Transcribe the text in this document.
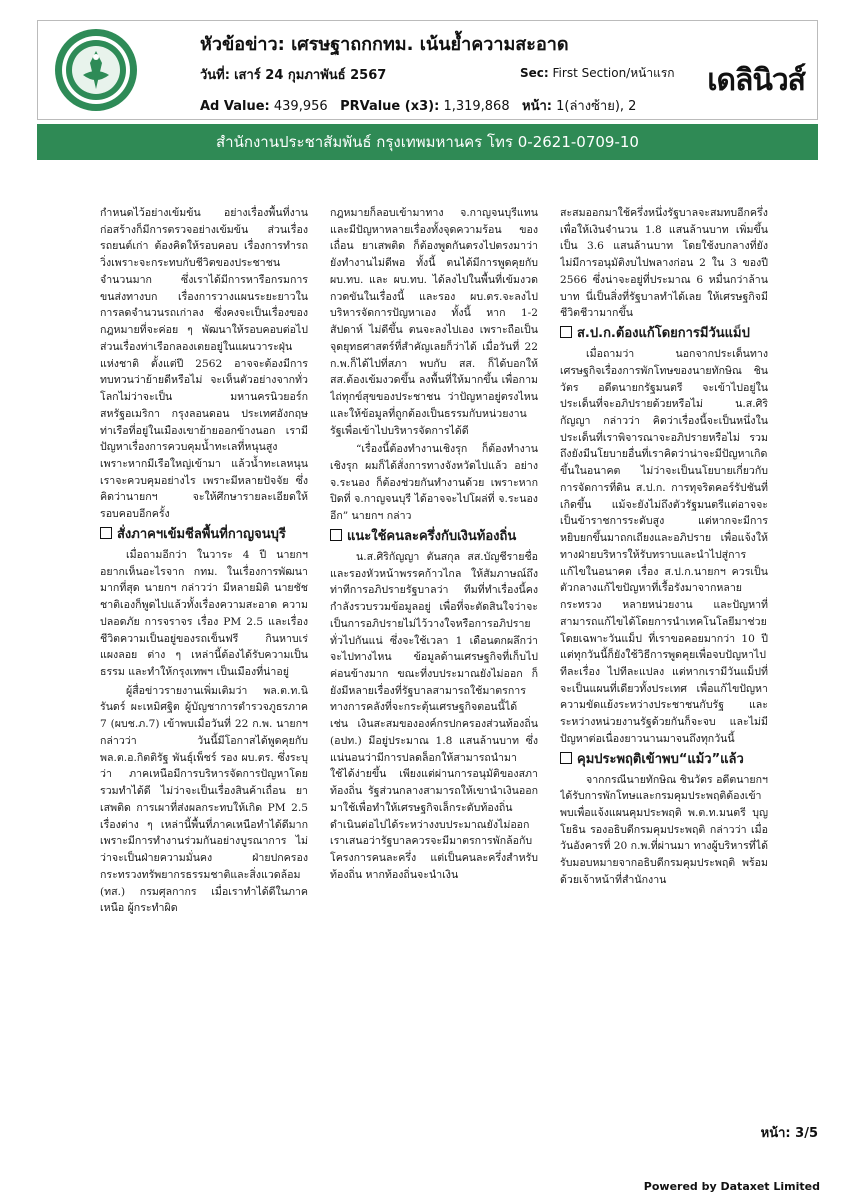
หัวข้อข่าว: เศรษฐาถกกทม. เน้นย้ำความสะอาด
วันที่: เสาร์ 24 กุมภาพันธ์ 2567	Sec: First Section/หน้าแรก
Ad Value: 439,956 PRValue (x3): 1,319,868 หน้า: 1(ล่างซ้าย), 2
เดลินิวส์
สำนักงานประชาสัมพันธ์ กรุงเทพมหานคร โทร 0-2621-0709-10

กำหนดไว้อย่างเข้มข้น อย่างเรื่องพื้นที่งานก่อสร้างก็มีการตรวจอย่างเข้มข้น ส่วนเรื่องรถยนต์เก่า ต้องคิดให้รอบคอบ เรื่องการทำรถวิ่งเพราะจะกระทบกับชีวิตของประชาชนจำนวนมาก ซึ่งเราได้มีการหารือกรมการขนส่งทางบก เรื่องการวางแผนระยะยาวในการลดจำนวนรถเก่าลง ซึ่งคงจะเป็นเรื่องของกฎหมายที่จะค่อย ๆ พัฒนาให้รอบคอบต่อไป ส่วนเรื่องท่าเรือกลองเตยอยู่ในแผนวาระฝุ่นแห่งชาติ ตั้งแต่ปี 2562 อาจจะต้องมีการทบทวนว่าย้ายดีหรือไม่ จะเห็นตัวอย่างจากทั่วโลกไม่ว่าจะเป็น มหานครนิวยอร์ก สหรัฐอเมริกา กรุงลอนดอน ประเทศอังกฤษ ท่าเรือที่อยู่ในเมืองเขาย้ายออกข้างนอก เรามีปัญหาเรื่องการควบคุมน้ำทะเลที่หนุนสูง เพราะหากมีเรือใหญ่เข้ามา แล้วน้ำทะเลหนุน เราจะควบคุมอย่างไร เพราะมีหลายปัจจัย ซึ่งคิดว่านายกฯ จะให้ศึกษารายละเอียดให้รอบคอบอีกครั้ง

สั่งภาคฯเข้มชีลพื้นที่กาญจนบุรี

เมื่อถามอีกว่า ในวาระ 4 ปี นายกฯ อยากเห็นอะไรจาก กทม. ในเรื่องการพัฒนามากที่สุด นายกฯ กล่าวว่า มีหลายมิติ นายชัชชาติเองก็พูดไปแล้วทั้งเรื่องความสะอาด ความปลอดภัย การจราจร เรื่อง PM 2.5 และเรื่องชีวิตความเป็นอยู่ของรถเข็นฟรี กินหาบเร่แผงลอย ต่าง ๆ เหล่านี้ต้องได้รับความเป็นธรรม และทำให้กรุงเทพฯ เป็นเมืองที่น่าอยู่

ผู้สื่อข่าวรายงานเพิ่มเติมว่า พล.ต.ท.นิรันดร์ ผะเหมิศฐิต ผู้บัญชาการตำรวจภูธรภาค 7 (ผบช.ภ.7) เข้าพบเมื่อวันที่ 22 ก.พ. นายกฯ กล่าวว่า วันนี้มีโอกาสได้พูดคุยกับ พล.ต.อ.กิตติรัฐ พันธุ์เพ็ชร์ รอง ผบ.ตร. ซึ่งระบุว่า ภาคเหนือมีการบริหารจัดการปัญหาโดยรวมทำได้ดี ไม่ว่าจะเป็นเรื่องสินค้าเถื่อน ยาเสพติด การเผาที่ส่งผลกระทบให้เกิด PM 2.5 เรื่องต่าง ๆ เหล่านี้พื้นที่ภาคเหนือทำได้ดีมาก เพราะมีการทำงานร่วมกันอย่างบูรณาการ ไม่ว่าจะเป็นฝ่ายความมั่นคง ฝ่ายปกครอง กระทรวงทรัพยากรธรรมชาติและสิ่งแวดล้อม (ทส.) กรมศุลกากร เมื่อเราทำได้ดีในภาคเหนือ ผู้กระทำผิด

กฎหมายก็ลอบเข้ามาทาง จ.กาญจนบุรีแทน และมีปัญหาหลายเรื่องทั้งจุดความร้อน ของเถื่อน ยาเสพติด ก็ต้องพูดกันตรงไปตรงมาว่า ยังทำงานไม่ดีพอ ทั้งนี้ ตนได้มีการพูดคุยกับ ผบ.ทบ. และ ผบ.ทบ. ได้ลงไปในพื้นที่เข้มงวดกวดขันในเรื่องนี้ และรอง ผบ.ตร.จะลงไปบริหารจัดการปัญหาเอง ทั้งนี้ หาก 1-2 สัปดาห์ ไม่ดีขึ้น ตนจะลงไปเอง เพราะถือเป็นจุดยุทธศาสตร์ที่สำคัญเลยก็ว่าได้ เมื่อวันที่ 22 ก.พ.ก็ได้ไปที่สภา พบกับ สส. ก็ได้บอกให้ สส.ต้องเข้มงวดขึ้น ลงพื้นที่ให้มากขึ้น เพื่อกามไถ่ทุกข์สุขของประชาชน ว่าปัญหาอยู่ตรงไหน และให้ข้อมูลที่ถูกต้องเป็นธรรมกับหน่วยงานรัฐเพื่อเข้าไปบริหารจัดการได้ดี

“เรื่องนี้ต้องทำงานเชิงรุก ก็ต้องทำงานเชิงรุก ผมก็ได้สั่งการทางจังหวัดไปแล้ว อย่าง จ.ระนอง ก็ต้องช่วยกันทำงานด้วย เพราะหากปิดที่ จ.กาญจนบุรี ได้อาจจะไปโผล่ที่ จ.ระนองอีก” นายกฯ กล่าว

แนะใช้คนละครึ่งกับเงินท้องถิ่น

น.ส.ศิริกัญญา ตันสกุล สส.บัญชีรายชื่อ และรองหัวหน้าพรรคก้าวไกล ให้สัมภาษณ์ถึงท่าทีการอภิปรายรัฐบาลว่า ทีมที่ทำเรื่องนี้คงกำลังรวบรวมข้อมูลอยู่ เพื่อที่จะตัดสินใจว่าจะเป็นการอภิปรายไม่ไว้วางใจหรือการอภิปรายทั่วไปกันแน่ ซึ่งจะใช้เวลา 1 เดือนตกผลึกว่าจะไปทางไหน ข้อมูลด้านเศรษฐกิจที่เก็บไปค่อนข้างมาก ขณะที่งบประมาณยังไม่ออก ก็ยังมีหลายเรื่องที่รัฐบาลสามารถใช้มาตรการทางการคลังที่จะกระตุ้นเศรษฐกิจตอนนี้ได้ เช่น เงินสะสมขององค์กรปกครองส่วนท้องถิ่น (อปท.) มีอยู่ประมาณ 1.8 แสนล้านบาท ซึ่งแน่นอนว่ามีการปลดล็อกให้สามารถนำมาใช้ได้ง่ายขึ้น เพียงแต่ผ่านการอนุมัติของสภาท้องถิ่น รัฐส่วนกลางสามารถให้เขานำเงินออกมาใช้เพื่อทำให้เศรษฐกิจเล็กระดับท้องถิ่นดำเนินต่อไปได้ระหว่างงบประมาณยังไม่ออก เราเสนอว่ารัฐบาลควรจะมีมาตรการพักล้อกับโครงการคนละครึ่ง แต่เป็นคนละครึ่งสำหรับท้องถิ่น หากท้องถิ่นจะนำเงิน

สะสมออกมาใช้ครึ่งหนึ่งรัฐบาลจะสมทบอีกครึ่ง เพื่อให้เงินจำนวน 1.8 แสนล้านบาท เพิ่มขึ้นเป็น 3.6 แสนล้านบาท โดยใช้งบกลางที่ยังไม่มีการอนุมัติงบไปพลางก่อน 2 ใน 3 ของปี 2566 ซึ่งน่าจะอยู่ที่ประมาณ 6 หมื่นกว่าล้านบาท นี่เป็นสิ่งที่รัฐบาลทำได้เลย ให้เศรษฐกิจมีชีวิตชีวามากขึ้น

ส.ป.ก.ต้องแก้โดยการมีวันแม็ป

เมื่อถามว่า นอกจากประเด็นทางเศรษฐกิจเรื่องการพักโทษของนายทักษิณ ชินวัตร อดีตนายกรัฐมนตรี จะเข้าไปอยู่ในประเด็นที่จะอภิปรายด้วยหรือไม่ น.ส.ศิริกัญญา กล่าวว่า คิดว่าเรื่องนี้จะเป็นหนึ่งในประเด็นที่เราพิจารณาจะอภิปรายหรือไม่ รวมถึงยังมีนโยบายอื่นที่เราคิดว่าน่าจะมีปัญหาเกิดขึ้นในอนาคต ไม่ว่าจะเป็นนโยบายเกี่ยวกับการจัดการที่ดิน ส.ป.ก. การทุจริตคอร์รัปชันที่เกิดขึ้น แม้จะยังไม่ถึงตัวรัฐมนตรีแต่อาจจะเป็นข้าราชการระดับสูง แต่หากจะมีการหยิบยกขึ้นมาถกเถียงและอภิปราย เพื่อแจ้งให้ทางฝ่ายบริหารให้รับทราบและนำไปสู่การแก้ไขในอนาคต เรื่อง ส.ป.ก.นายกฯ ควรเป็นตัวกลางแก้ไขปัญหาที่เรื้อรังมาจากหลายกระทรวง หลายหน่วยงาน และปัญหาที่สามารถแก้ไขได้โดยการนำเทคโนโลยีมาช่วย โดยเฉพาะวันแม็ป ที่เราขอคอยมากว่า 10 ปี แต่ทุกวันนี้ก็ยังใช้วิธีการพูดคุยเพื่อจบปัญหาไปทีละเรื่อง ไปทีละแปลง แต่หากเรามีวันแม็ปที่จะเป็นแผนที่เดียวทั้งประเทศ เพื่อแก้ไขปัญหาความขัดแย้งระหว่างประชาชนกับรัฐ และระหว่างหน่วยงานรัฐด้วยกันก็จะจบ และไม่มีปัญหาต่อเนื่องยาวนานมาจนถึงทุกวันนี้

คุมประพฤติเข้าพบ“แม้ว”แล้ว

จากกรณีนายทักษิณ ชินวัตร อดีตนายกฯ ได้รับการพักโทษและกรมคุมประพฤติต้องเข้าพบเพื่อแจ้งแผนคุมประพฤติ พ.ต.ท.มนตรี บุญโยธิน รองอธิบดีกรมคุมประพฤติ กล่าวว่า เมื่อวันอังคารที่ 20 ก.พ.ที่ผ่านมา ทางผู้บริหารที่ได้รับมอบหมายจากอธิบดีกรมคุมประพฤติ พร้อมด้วยเจ้าหน้าที่สำนักงาน

หน้า: 3/5
Powered by Dataxet Limited
